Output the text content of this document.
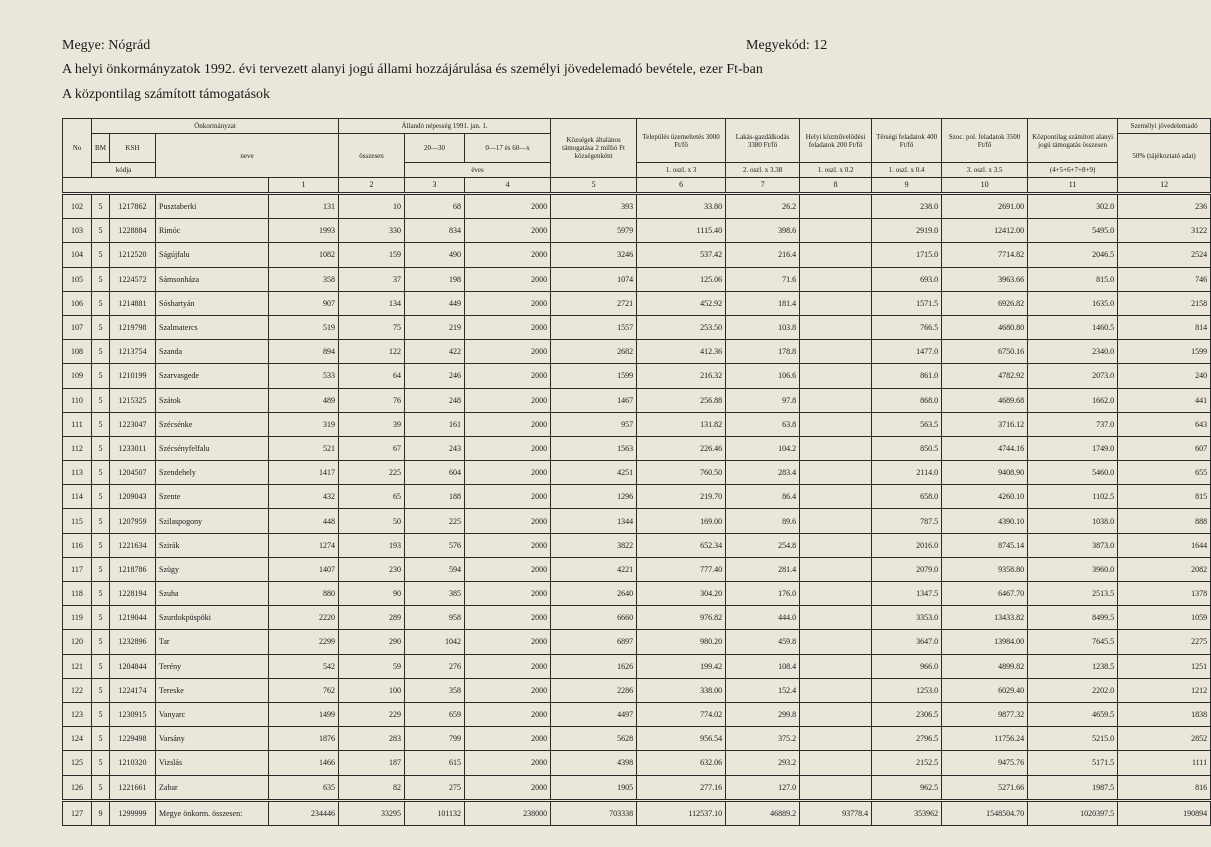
Megye: Nógrád	Megyekód: 12
A helyi önkormányzatok 1992. évi tervezett alanyi jogú állami hozzájárulása és személyi jövedelemadó bevétele, ezer Ft-ban
A központilag számított támogatások
No	Önkormányzat				Állandó népesség 1991. jan. 1.			Községek általános támogatása 2 millió Ft községenként	Település üzemeltetés 3000 Ft/fő	Lakás-gazdálkodás 3380 Ft/fő	Helyi közművelődési feladatok 200 Ft/fő	Térségi feladatok 400 Ft/fő	Szoc. pol. feladatok 3500 Ft/fő	Központilag számított alanyi jogú támogatás összesen	Személyi jövedelemadó	
	BM	KSH	neve		összesen	20—30	0—17 és 60—x								50% (tájékoztató adat)	
	kódja					éves			1. oszl. x 3	2. oszl. x 3.38	1. oszl. x 0.2	1. oszl. x 0.4	3. oszl. x 3.5	(4+5+6+7+8+9)		
				1	2	3	4	5	6	7	8	9	10	11	12	
102	5	1217862	Pusztaberki	131	10	68	2000	393	33.80	26.2		238.0	2691.00	302.0	236	
103	5	1228884	Rimóc	1993	330	834	2000	5979	1115.40	398.6		2919.0	12412.00	5495.0	3122	
104	5	1212520	Ságújfalu	1082	159	490	2000	3246	537.42	216.4		1715.0	7714.82	2046.5	2524	
105	5	1224572	Sámsonháza	358	37	198	2000	1074	125.06	71.6		693.0	3963.66	815.0	746	
106	5	1214881	Sóshartyán	907	134	449	2000	2721	452.92	181.4		1571.5	6926.82	1635.0	2158	
107	5	1219798	Szalmatercs	519	75	219	2000	1557	253.50	103.8		766.5	4680.80	1460.5	814	
108	5	1213754	Szanda	894	122	422	2000	2682	412.36	178.8		1477.0	6750.16	2340.0	1599	
109	5	1210199	Szarvasgede	533	64	246	2000	1599	216.32	106.6		861.0	4782.92	2073.0	240	
110	5	1215325	Szátok	489	76	248	2000	1467	256.88	97.8		868.0	4689.68	1662.0	441	
111	5	1223047	Szécsénke	319	39	161	2000	957	131.82	63.8		563.5	3716.12	737.0	643	
112	5	1233011	Szécsényfelfalu	521	67	243	2000	1563	226.46	104.2		850.5	4744.16	1749.0	607	
113	5	1204507	Szendehely	1417	225	604	2000	4251	760.50	283.4		2114.0	9408.90	5460.0	655	
114	5	1209043	Szente	432	65	188	2000	1296	219.70	86.4		658.0	4260.10	1102.5	815	
115	5	1207959	Szilaspogony	448	50	225	2000	1344	169.00	89.6		787.5	4390.10	1038.0	888	
116	5	1221634	Szirák	1274	193	576	2000	3822	652.34	254.8		2016.0	8745.14	3873.0	1644	
117	5	1218786	Szügy	1407	230	594	2000	4221	777.40	281.4		2079.0	9358.80	3960.0	2082	
118	5	1228194	Szuha	880	90	385	2000	2640	304.20	176.0		1347.5	6467.70	2513.5	1378	
119	5	1219044	Szurdokpüspöki	2220	289	958	2000	6660	976.82	444.0		3353.0	13433.82	8499.5	1059	
120	5	1232896	Tar	2299	290	1042	2000	6897	980.20	459.8		3647.0	13984.00	7645.5	2275	
121	5	1204844	Terény	542	59	276	2000	1626	199.42	108.4		966.0	4899.82	1238.5	1251	
122	5	1224174	Tereske	762	100	358	2000	2286	338.00	152.4		1253.0	6029.40	2202.0	1212	
123	5	1230915	Vanyarc	1499	229	659	2000	4497	774.02	299.8		2306.5	9877.32	4659.5	1838	
124	5	1229498	Varsány	1876	283	799	2000	5628	956.54	375.2		2796.5	11756.24	5215.0	2852	
125	5	1210320	Vizslás	1466	187	615	2000	4398	632.06	293.2		2152.5	9475.76	5171.5	1111	
126	5	1221661	Zabar	635	82	275	2000	1905	277.16	127.0		962.5	5271.66	1987.5	816	
127	9	1299999	Megye önkorm. összesen:	234446	33295	101132	238000	703338	112537.10	46889.2	93778.4	353962	1548504.70	1020397.5	190894	
